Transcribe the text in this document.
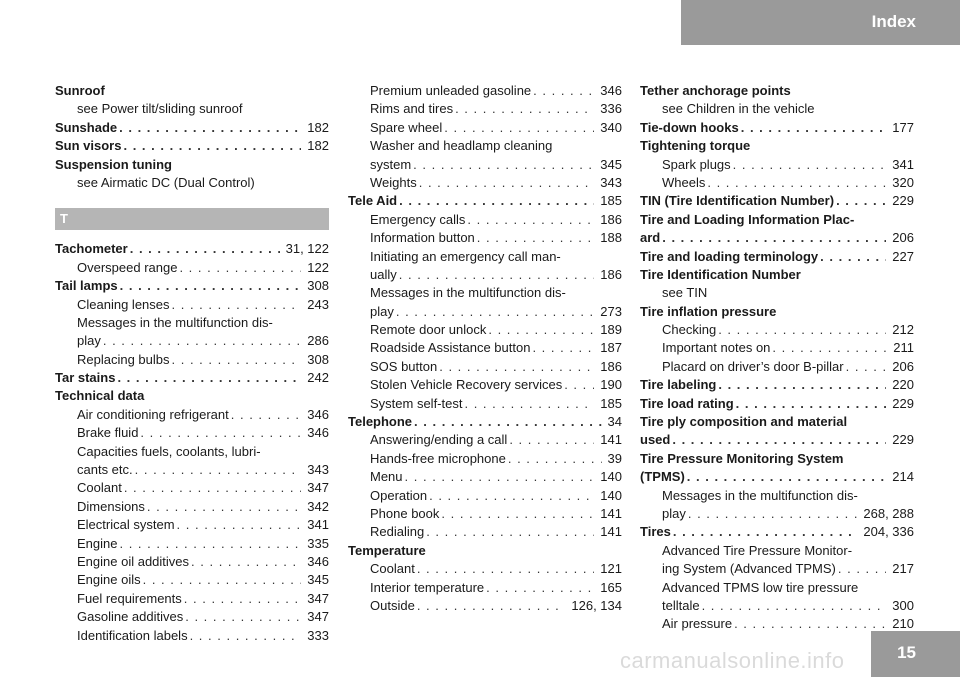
Index
Sunroof
see Power tilt/sliding sunroof
Sunshade . . .	182
Sun visors . . .	182
Suspension tuning
see Airmatic DC (Dual Control)
T
Tachometer . . .	31, 122
Overspeed range . . .	122
Tail lamps . . .	308
Cleaning lenses . . .	243
Messages in the multifunction dis-
play . . .	286
Replacing bulbs . . .	308
Tar stains . . .	242
Technical data
Air conditioning refrigerant . . .	346
Brake fluid . . .	346
Capacities fuels, coolants, lubri-
cants etc. . . .	343
Coolant . . .	347
Dimensions . . .	342
Electrical system . . .	341
Engine . . .	335
Engine oil additives . . .	346
Engine oils . . .	345
Fuel requirements . . .	347
Gasoline additives . . .	347
Identification labels . . .	333
Premium unleaded gasoline . . .	346
Rims and tires . . .	336
Spare wheel . . .	340
Washer and headlamp cleaning
system . . .	345
Weights . . .	343
Tele Aid . . .	185
Emergency calls . . .	186
Information button . . .	188
Initiating an emergency call man-
ually . . .	186
Messages in the multifunction dis-
play . . .	273
Remote door unlock . . .	189
Roadside Assistance button . . .	187
SOS button . . .	186
Stolen Vehicle Recovery services . . .	190
System self-test . . .	185
Telephone . . .	34
Answering/ending a call . . .	141
Hands-free microphone . . .	39
Menu . . .	140
Operation . . .	140
Phone book . . .	141
Redialing . . .	141
Temperature
Coolant . . .	121
Interior temperature . . .	165
Outside . . .	126, 134
Tether anchorage points
see Children in the vehicle
Tie-down hooks . . .	177
Tightening torque
Spark plugs . . .	341
Wheels . . .	320
TIN (Tire Identification Number) . . .	229
Tire and Loading Information Plac-
ard . . .	206
Tire and loading terminology . . .	227
Tire Identification Number
see TIN
Tire inflation pressure
Checking . . .	212
Important notes on . . .	211
Placard on driver’s door B-pillar . . .	206
Tire labeling . . .	220
Tire load rating . . .	229
Tire ply composition and material
used . . .	229
Tire Pressure Monitoring System
(TPMS) . . .	214
Messages in the multifunction dis-
play . . .	268, 288
Tires . . .	204, 336
Advanced Tire Pressure Monitor-
ing System (Advanced TPMS) . . .	217
Advanced TPMS low tire pressure
telltale . . .	300
Air pressure . . .	210
15
carmanualsonline.info
